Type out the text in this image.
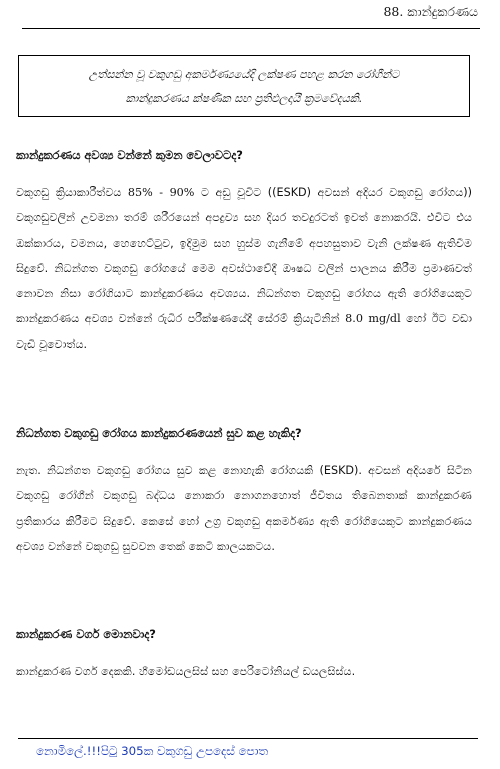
88. කාන්දුකරණය
උත්සන්න වූ වකුගඩු අකර්මණ්‍යයේදි ලක්ෂණ පහළ කරන රෝගීන්ට
කාන්දුකරණය ක්ෂණික සහ ප්‍රතිඵලදායී ක්‍රමවේදයකි.

කාන්දුකරණය අවශ්‍ය වන්නේ කුමන වෙලාවටද?

වකුගඩු ක්‍රියාකාරීත්වය 85% - 90% ට අඩු වූවිට ((ESKD) අවසන් අදියර වකුගඩු රෝගය)) වකුගඩුවලින් උවමනා තරම් ශරීරයෙන් අපද්‍රව්‍ය සහ දියර තවදුරටත් ඉවත් නොකරයි. එවිට එය ඔක්කාරය, වමනය, හෙහෙට්ටුව, ඉදිමුම සහ හුස්ම ගැනීමේ අපහසුතාව වැනි ලක්ෂණ ඇතිවීම සිදුවේ. නිධන්ගත වකුගඩු රෝගයේ මෙම අවස්ථාවේදී ඖෂධ වලින් පාලනය කිරීම ප්‍රමාණවත් නොවන නිසා රෝගියාට කාන්දුකරණය අවශ්‍යය. නිධන්ගත වකුගඩු රෝගය ඇති රෝගියෙකුට කාන්දුකරණය අවශ්‍ය වන්නේ රුධිර පරීක්ෂණයේදී සේරම් ක්‍රියැටිනින් 8.0 mg/dl හෝ ඊට වඩා වැඩි වූවොත්ය.

නිධන්ගත වකුගඩු රෝගය කාන්දුකරණයෙන් සුව කළ හැකිද?

නැත. නිධන්ගත වකුගඩු රෝගය සුව කළ නොහැකි රෝගයකි (ESKD). අවසන් අදියරේ සිටින වකුගඩු රෝගීන් වකුගඩු බද්ධය නොකරා නොගනහොත් ජීවිතය තිබෙනතාක් කාන්දුකරණ ප්‍රතිකාරය කිරීමට සිදුවේ. කෙසේ හෝ උග්‍ර වකුගඩු අකර්මණ්‍ය ඇති රෝගියෙකුට කාන්දුකරණය අවශ්‍ය වන්නේ වකුගඩු සුවවන තෙක් කෙටි කාලයකටය.

කාන්දුකරණ වර්ග මොනවාද?

කාන්දුකරණ වර්ග දෙකකි. හීමෝඩයලසිස් සහ පෙරිටෝනියල් ඩයලසිස්ය.

නොමිලේ.!!!පිටු 305ක වකුගඩු උපදෙස් පොත
